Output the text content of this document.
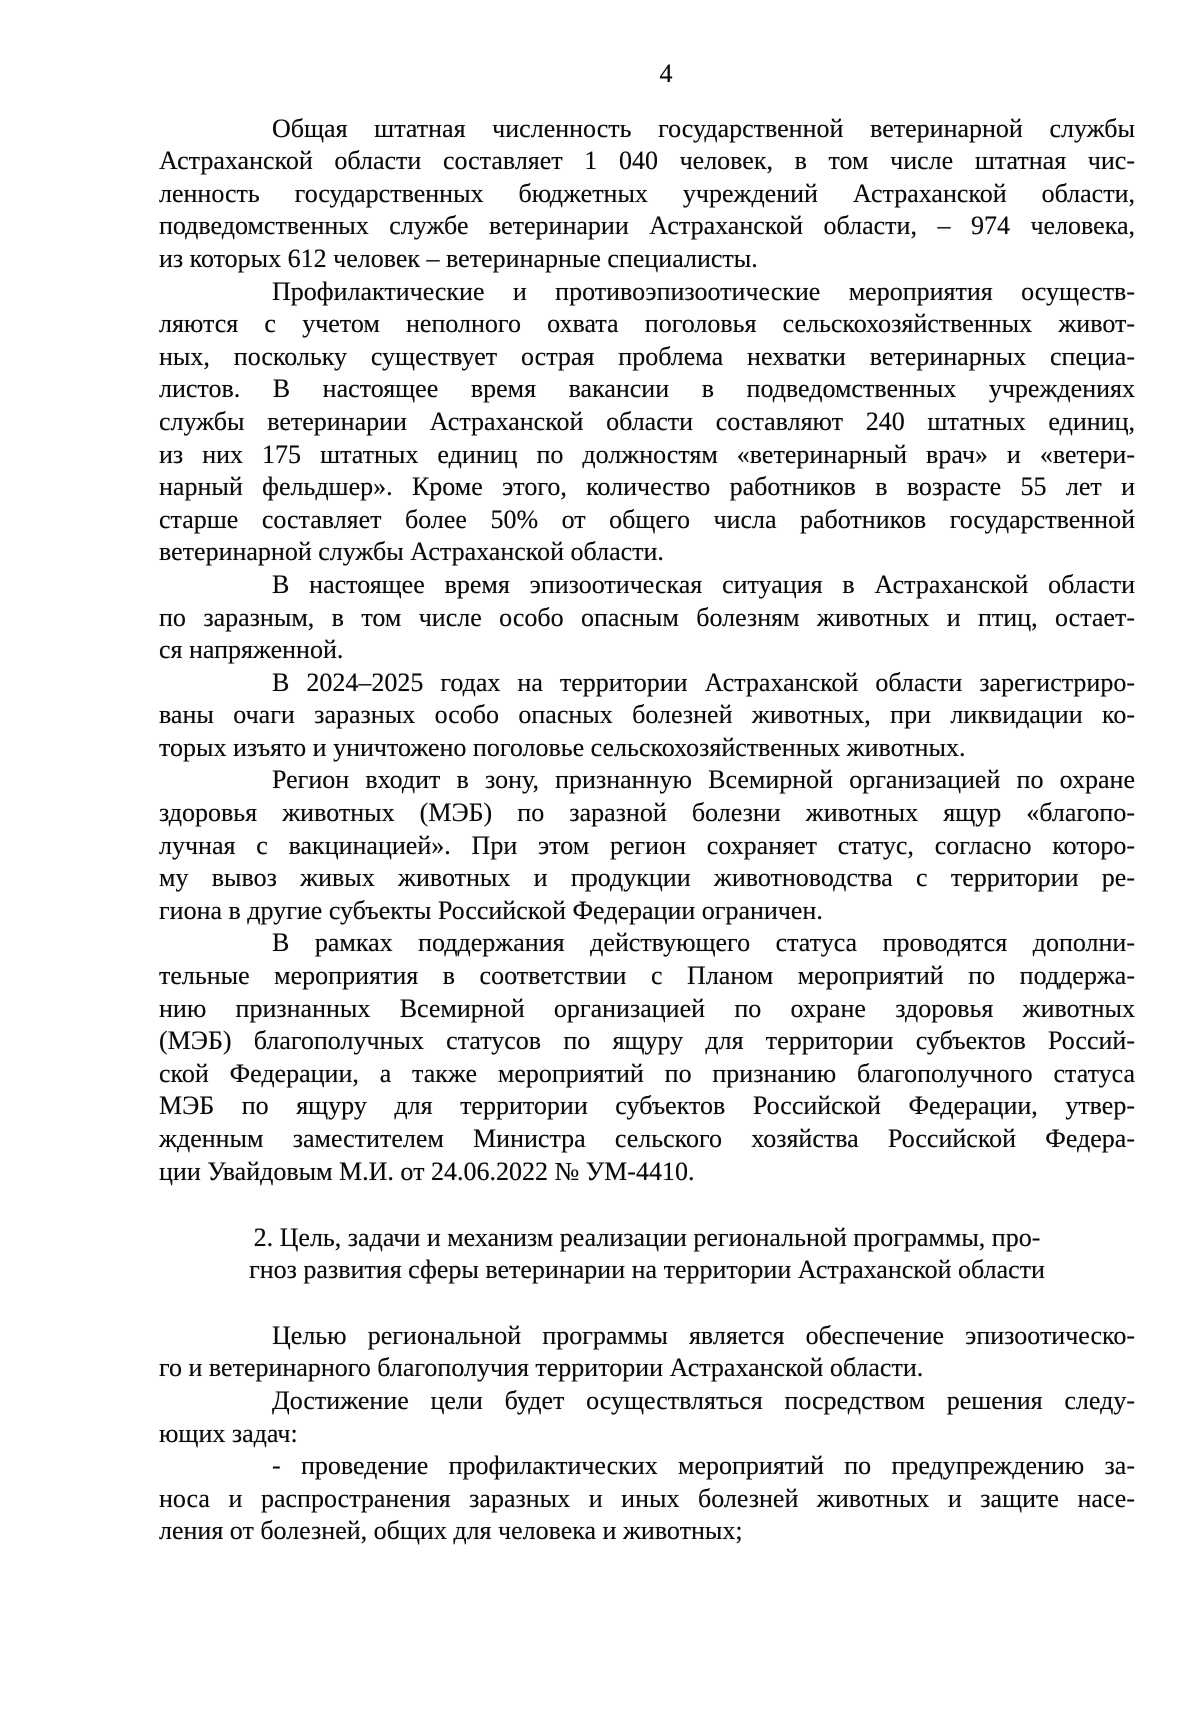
4
Общая штатная численность государственной ветеринарной службы
Астраханской области составляет 1 040 человек, в том числе штатная чис-
ленность государственных бюджетных учреждений Астраханской области,
подведомственных службе ветеринарии Астраханской области, – 974 человека,
из которых 612 человек – ветеринарные специалисты.
Профилактические и противоэпизоотические мероприятия осуществ-
ляются с учетом неполного охвата поголовья сельскохозяйственных живот-
ных, поскольку существует острая проблема нехватки ветеринарных специа-
листов. В настоящее время вакансии в подведомственных учреждениях
службы ветеринарии Астраханской области составляют 240 штатных единиц,
из них 175 штатных единиц по должностям «ветеринарный врач» и «ветери-
нарный фельдшер». Кроме этого, количество работников в возрасте 55 лет и
старше составляет более 50% от общего числа работников государственной
ветеринарной службы Астраханской области.
В настоящее время эпизоотическая ситуация в Астраханской области
по заразным, в том числе особо опасным болезням животных и птиц, остает-
ся напряженной.
В 2024–2025 годах на территории Астраханской области зарегистриро-
ваны очаги заразных особо опасных болезней животных, при ликвидации ко-
торых изъято и уничтожено поголовье сельскохозяйственных животных.
Регион входит в зону, признанную Всемирной организацией по охране
здоровья животных (МЭБ) по заразной болезни животных ящур «благопо-
лучная с вакцинацией». При этом регион сохраняет статус, согласно которо-
му вывоз живых животных и продукции животноводства с территории ре-
гиона в другие субъекты Российской Федерации ограничен.
В рамках поддержания действующего статуса проводятся дополни-
тельные мероприятия в соответствии с Планом мероприятий по поддержа-
нию признанных Всемирной организацией по охране здоровья животных
(МЭБ) благополучных статусов по ящуру для территории субъектов Россий-
ской Федерации, а также мероприятий по признанию благополучного статуса
МЭБ по ящуру для территории субъектов Российской Федерации, утвер-
жденным заместителем Министра сельского хозяйства Российской Федера-
ции Увайдовым М.И. от 24.06.2022 № УМ-4410.
2. Цель, задачи и механизм реализации региональной программы, про-
гноз развития сферы ветеринарии на территории Астраханской области
Целью региональной программы является обеспечение эпизоотическо-
го и ветеринарного благополучия территории Астраханской области.
Достижение цели будет осуществляться посредством решения следу-
ющих задач:
- проведение профилактических мероприятий по предупреждению за-
носа и распространения заразных и иных болезней животных и защите насе-
ления от болезней, общих для человека и животных;
